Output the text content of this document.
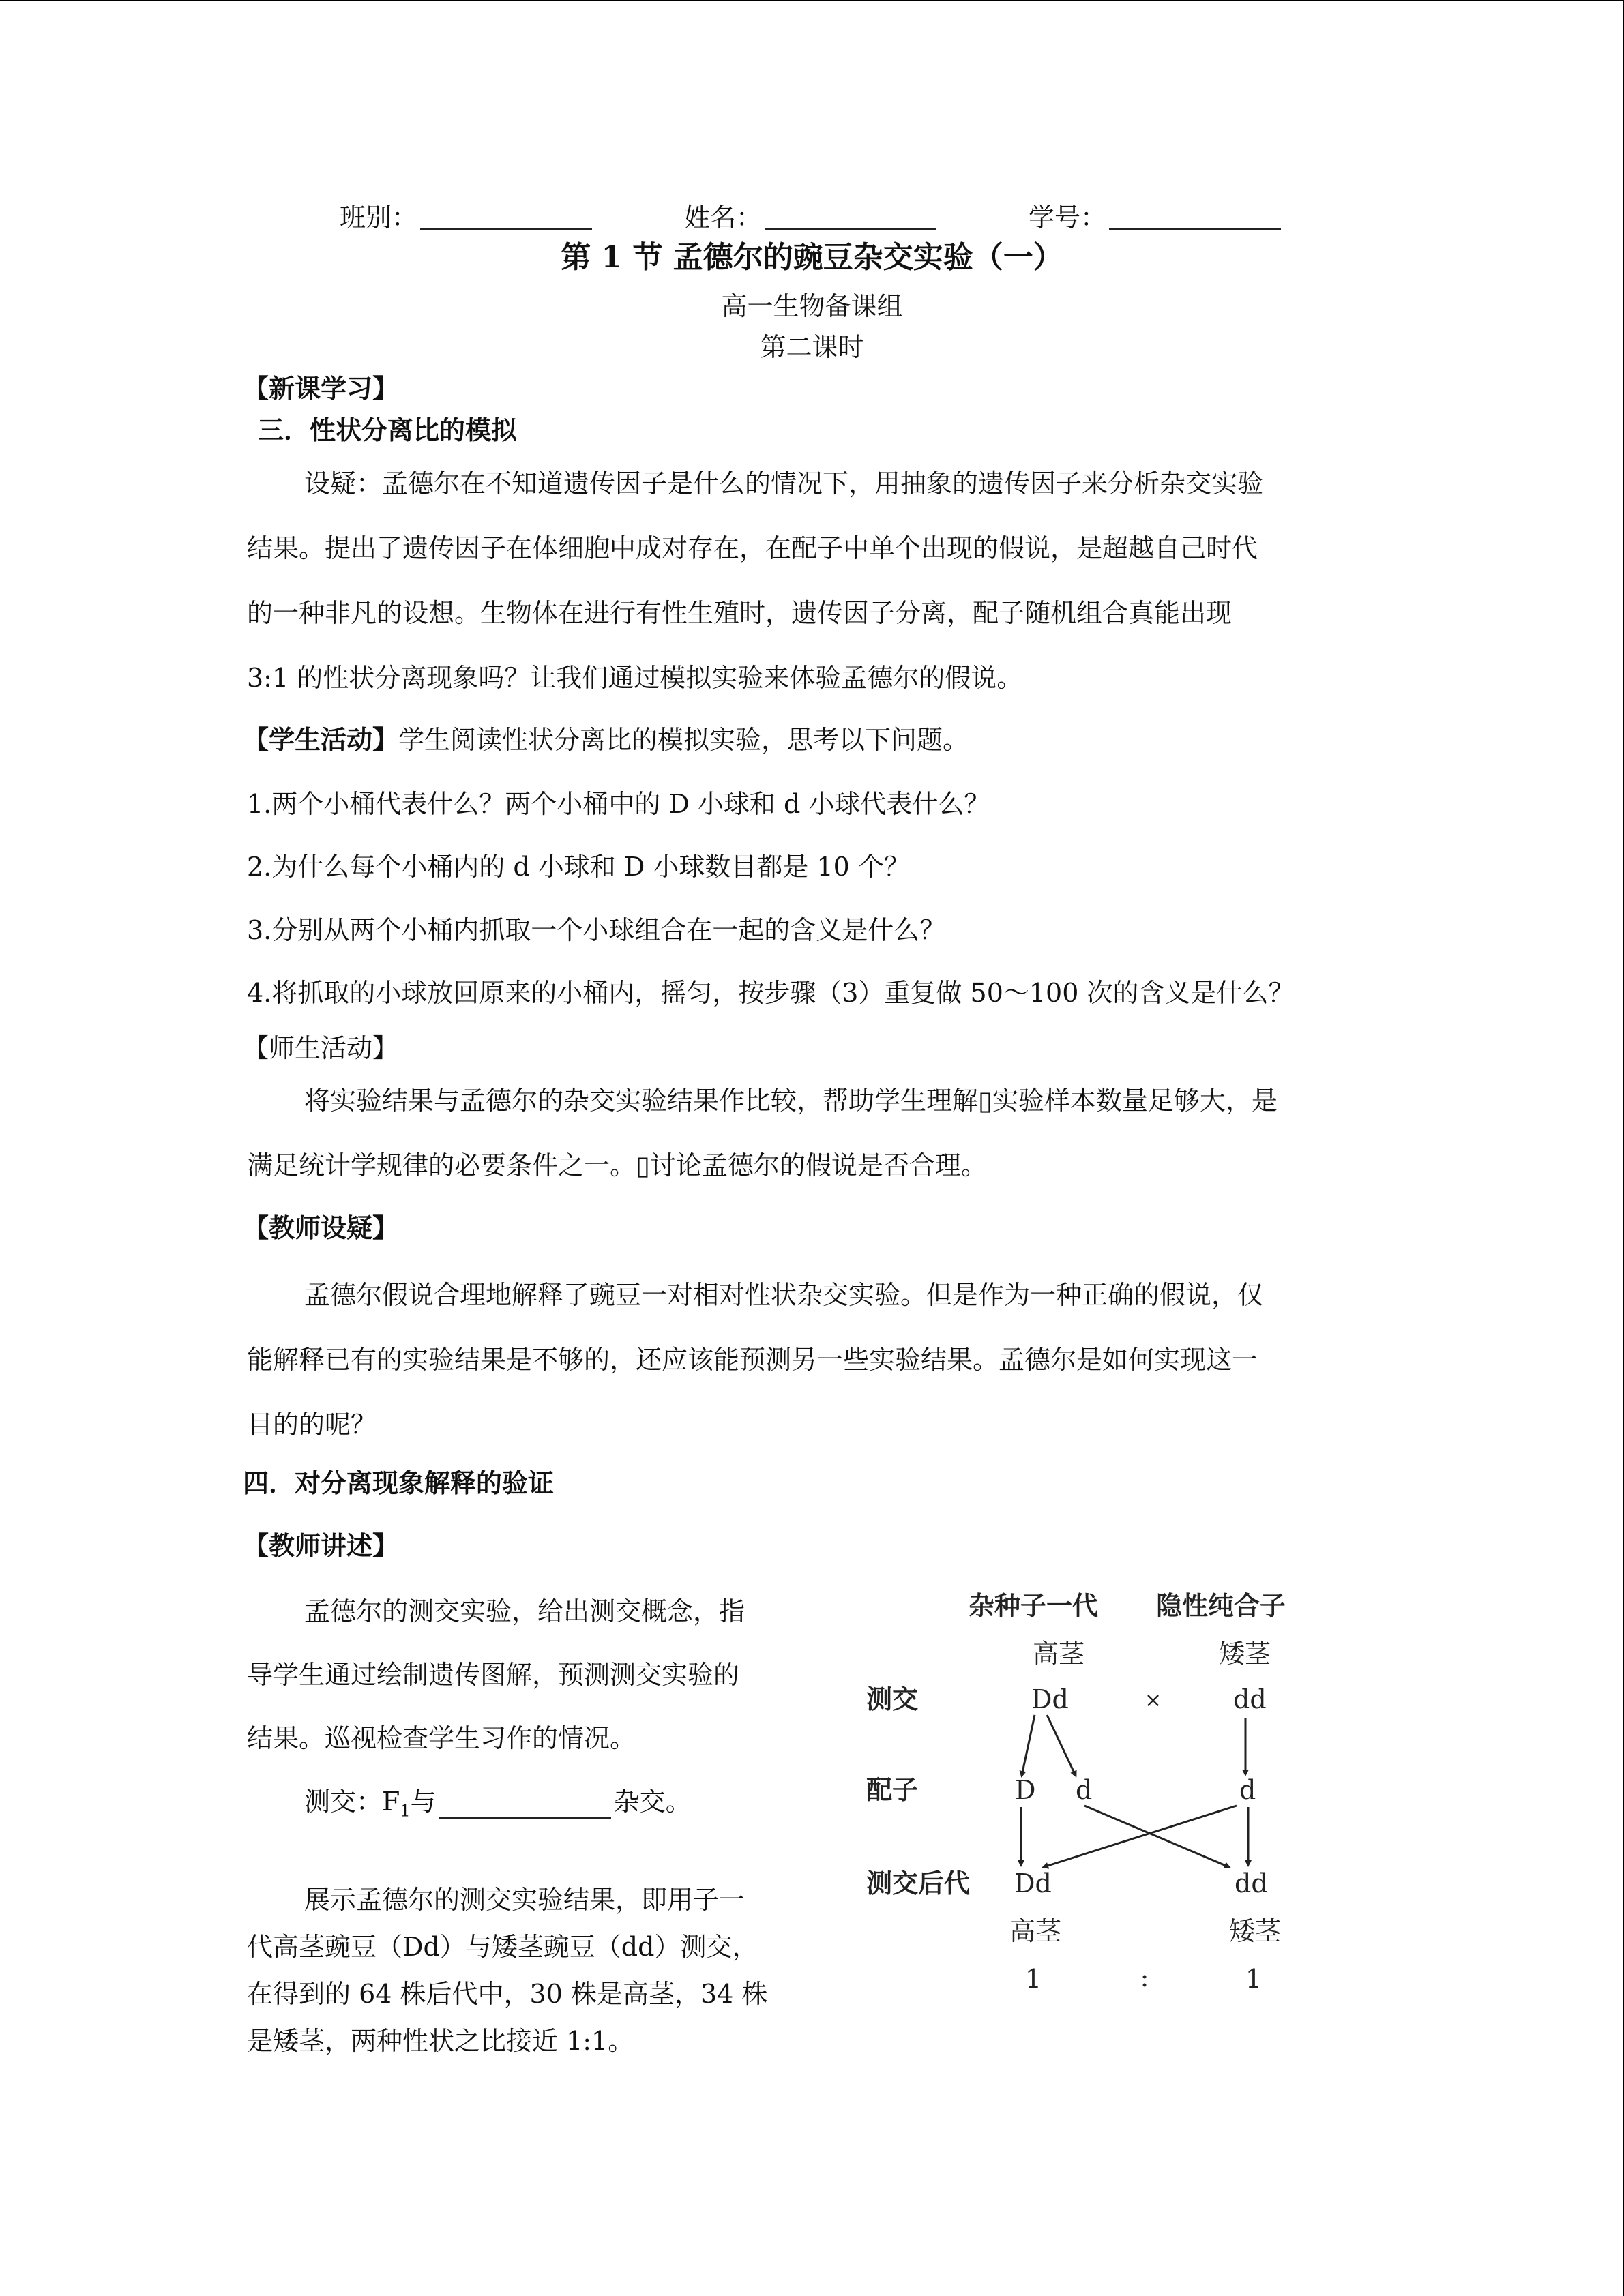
班别：	姓名：	学号：
第 1 节 孟德尔的豌豆杂交实验（一）
高一生物备课组
第二课时
【新课学习】
三．性状分离比的模拟

设疑：孟德尔在不知道遗传因子是什么的情况下，用抽象的遗传因子来分析杂交实验

结果。提出了遗传因子在体细胞中成对存在，在配子中单个出现的假说，是超越自己时代

的一种非凡的设想。生物体在进行有性生殖时，遗传因子分离，配子随机组合真能出现

3:1 的性状分离现象吗？让我们通过模拟实验来体验孟德尔的假说。

【学生活动】学生阅读性状分离比的模拟实验，思考以下问题。
1.两个小桶代表什么？两个小桶中的 D 小球和 d 小球代表什么？
2.为什么每个小桶内的 d 小球和 D 小球数目都是 10 个？
3.分别从两个小桶内抓取一个小球组合在一起的含义是什么？
4.将抓取的小球放回原来的小桶内，摇匀，按步骤（3）重复做 50～100 次的含义是什么？
【师生活动】

将实验结果与孟德尔的杂交实验结果作比较，帮助学生理解▯实验样本数量足够大，是

满足统计学规律的必要条件之一。▯讨论孟德尔的假说是否合理。

【教师设疑】

孟德尔假说合理地解释了豌豆一对相对性状杂交实验。但是作为一种正确的假说，仅

能解释已有的实验结果是不够的，还应该能预测另一些实验结果。孟德尔是如何实现这一

目的的呢？

四．对分离现象解释的验证
【教师讲述】

孟德尔的测交实验，给出测交概念，指

导学生通过绘制遗传图解，预测测交实验的

结果。巡视检查学生习作的情况。

测交：$F_1$与	杂交。

展示孟德尔的测交实验结果，即用子一

代高茎豌豆（Dd）与矮茎豌豆（dd）测交，

在得到的 64 株后代中，30 株是高茎，34 株

是矮茎，两种性状之比接近 1:1。

杂种子一代 隐性纯合子
高茎	矮茎
测交	Dd	×	dd
配子	D d	d
测交后代 Dd	dd
高茎	矮茎
1	:	1
